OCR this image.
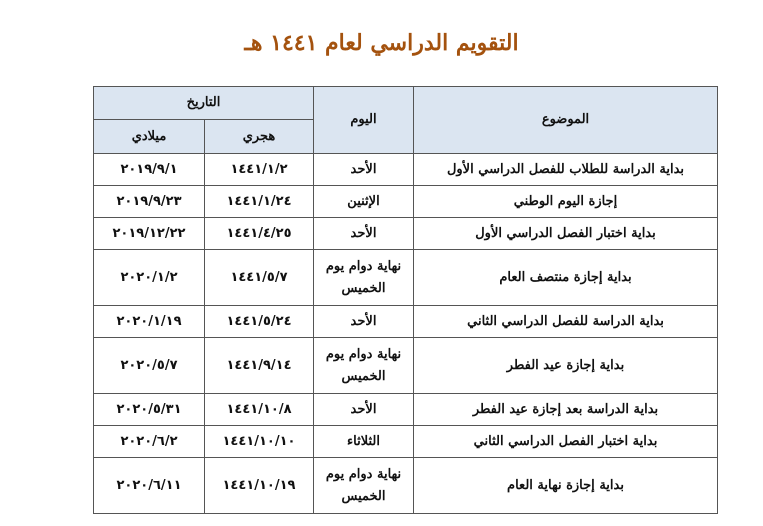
التقويم الدراسي لعام ١٤٤١ هـ
الموضوع	اليوم	التاريخ	
		هجري	ميلادي
بداية الدراسة للطلاب للفصل الدراسي الأول	الأحد	١٤٤١/١/٢	٢٠١٩/٩/١
إجازة اليوم الوطني	الإثنين	١٤٤١/١/٢٤	٢٠١٩/٩/٢٣
بداية اختبار الفصل الدراسي الأول	الأحد	١٤٤١/٤/٢٥	٢٠١٩/١٢/٢٢
بداية إجازة منتصف العام	نهاية دوام يوم الخميس	١٤٤١/٥/٧	٢٠٢٠/١/٢
بداية الدراسة للفصل الدراسي الثاني	الأحد	١٤٤١/٥/٢٤	٢٠٢٠/١/١٩
بداية إجازة عيد الفطر	نهاية دوام يوم الخميس	١٤٤١/٩/١٤	٢٠٢٠/٥/٧
بداية الدراسة بعد إجازة عيد الفطر	الأحد	١٤٤١/١٠/٨	٢٠٢٠/٥/٣١
بداية اختبار الفصل الدراسي الثاني	الثلاثاء	١٤٤١/١٠/١٠	٢٠٢٠/٦/٢
بداية إجازة نهاية العام	نهاية دوام يوم الخميس	١٤٤١/١٠/١٩	٢٠٢٠/٦/١١
